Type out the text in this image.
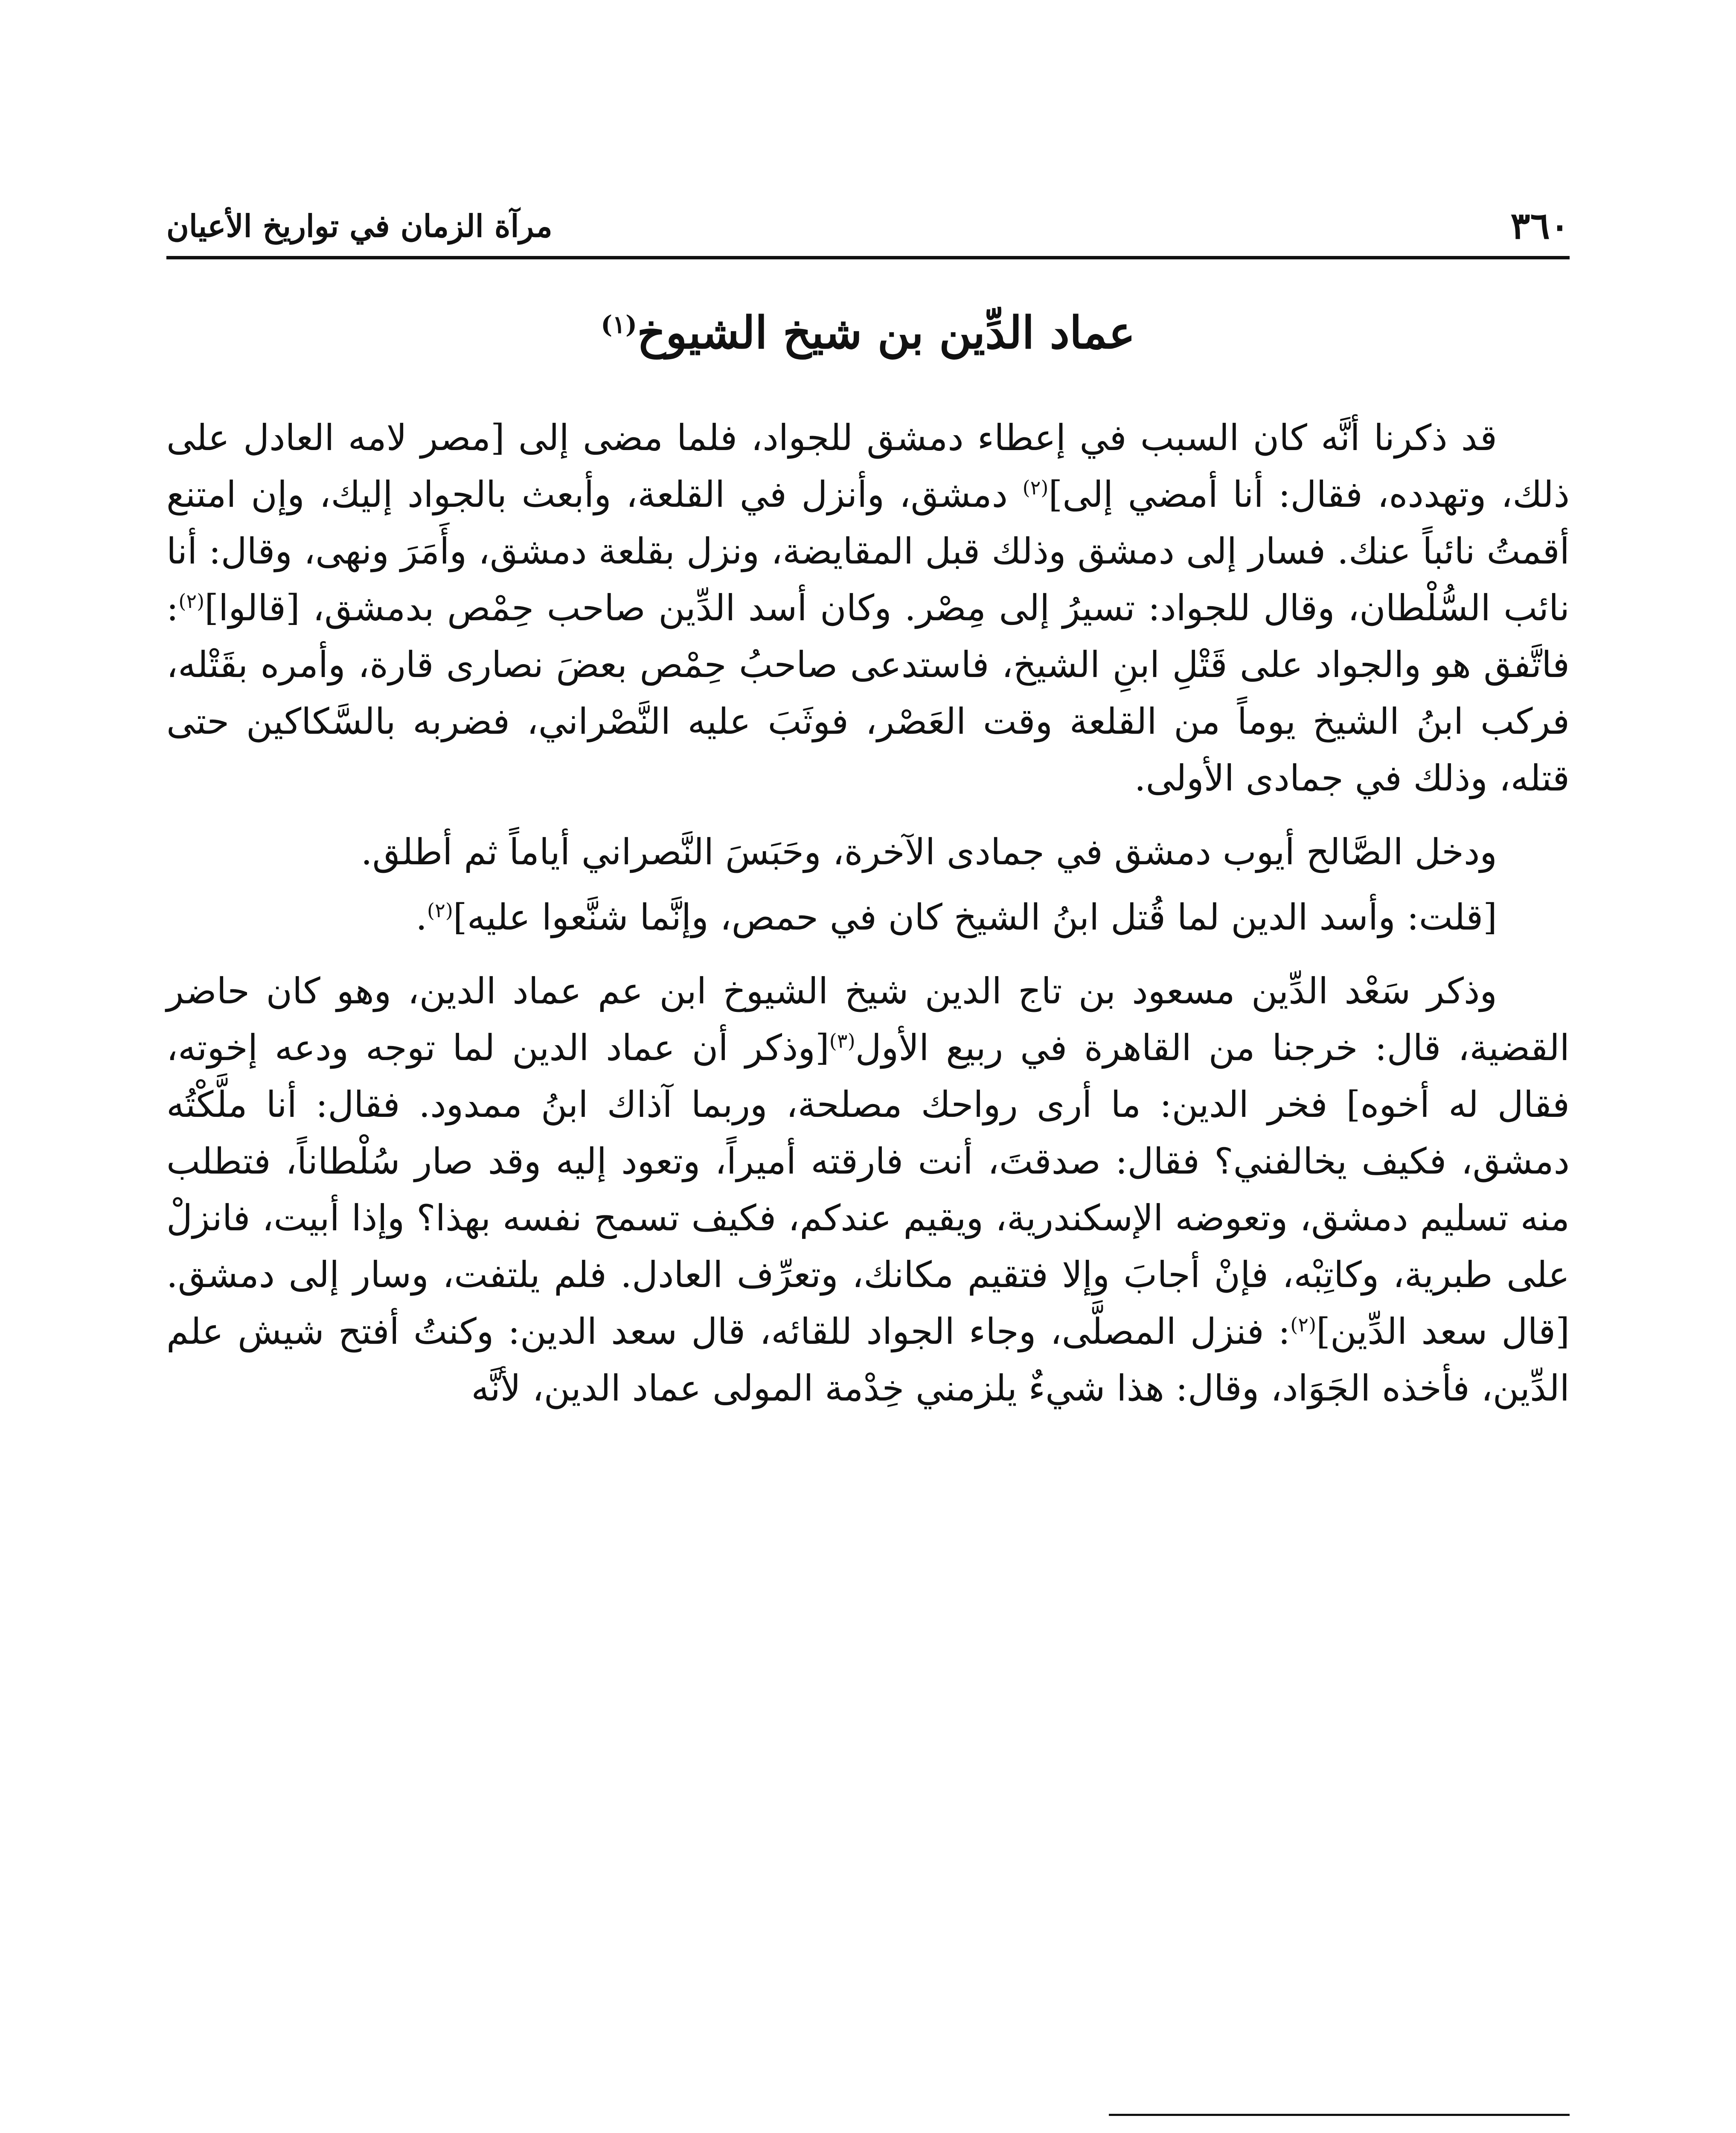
٣٦٠
مرآة الزمان في تواريخ الأعيان
عماد الدِّين بن شيخ الشيوخ$^{(١)}$

قد ذكرنا أنَّه كان السبب في إعطاء دمشق للجواد، فلما مضى إلى [مصر لامه العادل على ذلك، وتهدده، فقال: أنا أمضي إلى]$^{(٢)}$ دمشق، وأنزل في القلعة، وأبعث بالجواد إليك، وإن امتنع أقمتُ نائباً عنك. فسار إلى دمشق وذلك قبل المقايضة، ونزل بقلعة دمشق، وأَمَرَ ونهى، وقال: أنا نائب السُّلْطان، وقال للجواد: تسيرُ إلى مِصْر. وكان أسد الدِّين صاحب حِمْص بدمشق، [قالوا]$^{(٢)}$: فاتَّفق هو والجواد على قَتْلِ ابنِ الشيخ، فاستدعى صاحبُ حِمْص بعضَ نصارى قارة، وأمره بقَتْله، فركب ابنُ الشيخ يوماً من القلعة وقت العَصْر، فوثَبَ عليه النَّصْراني، فضربه بالسَّكاكين حتى قتله، وذلك في جمادى الأولى.

ودخل الصَّالح أيوب دمشق في جمادى الآخرة، وحَبَسَ النَّصراني أياماً ثم أطلق.

[قلت: وأسد الدين لما قُتل ابنُ الشيخ كان في حمص، وإنَّما شنَّعوا عليه]$^{(٢)}$.

وذكر سَعْد الدِّين مسعود بن تاج الدين شيخ الشيوخ ابن عم عماد الدين، وهو كان حاضر القضية، قال: خرجنا من القاهرة في ربيع الأول$^{(٣)}$[وذكر أن عماد الدين لما توجه ودعه إخوته، فقال له أخوه] فخر الدين: ما أرى رواحك مصلحة، وربما آذاك ابنُ ممدود. فقال: أنا ملَّكْتُه دمشق، فكيف يخالفني؟ فقال: صدقتَ، أنت فارقته أميراً، وتعود إليه وقد صار سُلْطاناً، فتطلب منه تسليم دمشق، وتعوضه الإسكندرية، ويقيم عندكم، فكيف تسمح نفسه بهذا؟ وإذا أبيت، فانزلْ على طبرية، وكاتِبْه، فإنْ أجابَ وإلا فتقيم مكانك، وتعرِّف العادل. فلم يلتفت، وسار إلى دمشق. [قال سعد الدِّين]$^{(٢)}$: فنزل المصلَّى، وجاء الجواد للقائه، قال سعد الدين: وكنتُ أفتح شيش علم الدِّين، فأخذه الجَوَاد، وقال: هذا شيءٌ يلزمني خِدْمة المولى عماد الدين، لأنَّه
